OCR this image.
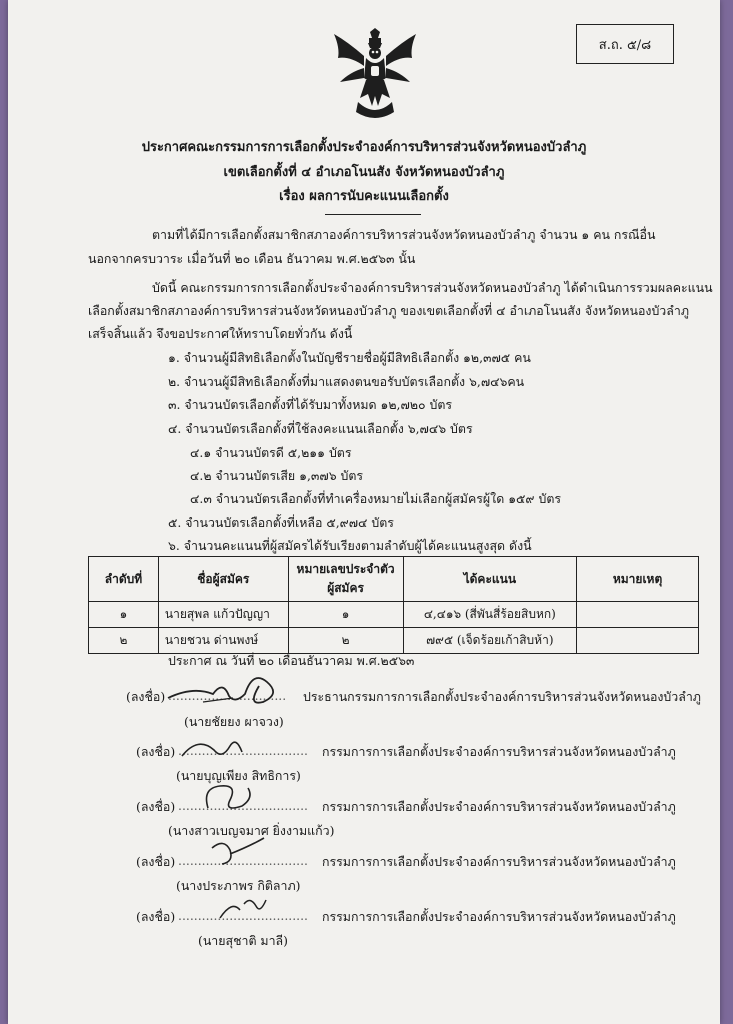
ส.ถ. ๕/๘
ประกาศคณะกรรมการการเลือกตั้งประจำองค์การบริหารส่วนจังหวัดหนองบัวลำภู
เขตเลือกตั้งที่ ๔ อำเภอโนนสัง จังหวัดหนองบัวลำภู
เรื่อง ผลการนับคะแนนเลือกตั้ง
ตามที่ได้มีการเลือกตั้งสมาชิกสภาองค์การบริหารส่วนจังหวัดหนองบัวลำภู จำนวน ๑ คน กรณีอื่น
นอกจากครบวาระ เมื่อวันที่ ๒๐ เดือน ธันวาคม พ.ศ.๒๕๖๓ นั้น
บัดนี้ คณะกรรมการการเลือกตั้งประจำองค์การบริหารส่วนจังหวัดหนองบัวลำภู ได้ดำเนินการรวมผลคะแนน
เลือกตั้งสมาชิกสภาองค์การบริหารส่วนจังหวัดหนองบัวลำภู ของเขตเลือกตั้งที่ ๔ อำเภอโนนสัง จังหวัดหนองบัวลำภู
เสร็จสิ้นแล้ว จึงขอประกาศให้ทราบโดยทั่วกัน ดังนี้
๑. จำนวนผู้มีสิทธิเลือกตั้งในบัญชีรายชื่อผู้มีสิทธิเลือกตั้ง ๑๒,๓๗๕ คน
๒. จำนวนผู้มีสิทธิเลือกตั้งที่มาแสดงตนขอรับบัตรเลือกตั้ง ๖,๗๔๖คน
๓. จำนวนบัตรเลือกตั้งที่ได้รับมาทั้งหมด ๑๒,๗๒๐ บัตร
๔. จำนวนบัตรเลือกตั้งที่ใช้ลงคะแนนเลือกตั้ง ๖,๗๔๖ บัตร
๔.๑ จำนวนบัตรดี ๕,๒๑๑ บัตร
๔.๒ จำนวนบัตรเสีย ๑,๓๗๖ บัตร
๔.๓ จำนวนบัตรเลือกตั้งที่ทำเครื่องหมายไม่เลือกผู้สมัครผู้ใด ๑๕๙ บัตร
๕. จำนวนบัตรเลือกตั้งที่เหลือ ๕,๙๗๔ บัตร
๖. จำนวนคะแนนที่ผู้สมัครได้รับเรียงตามลำดับผู้ได้คะแนนสูงสุด ดังนี้
ลำดับที่	ชื่อผู้สมัคร	หมายเลขประจำตัว ผู้สมัคร	ได้คะแนน	หมายเหตุ
๑	นายสุพล แก้วปัญญา	๑	๔,๔๑๖ (สี่พันสี่ร้อยสิบหก)	
๒	นายชวน ด่านพงษ์	๒	๗๙๕ (เจ็ดร้อยเก้าสิบห้า)	
ประกาศ ณ วันที่ ๒๐ เดือนธันวาคม พ.ศ.๒๕๖๓
(ลงชื่อ) .............................. ประธานกรรมการการเลือกตั้งประจำองค์การบริหารส่วนจังหวัดหนองบัวลำภู
(นายชัยยง ผาจวง)
(ลงชื่อ) ................................. กรรมการการเลือกตั้งประจำองค์การบริหารส่วนจังหวัดหนองบัวลำภู
(นายบุญเพียง สิทธิการ)
(ลงชื่อ) ................................. กรรมการการเลือกตั้งประจำองค์การบริหารส่วนจังหวัดหนองบัวลำภู
(นางสาวเบญจมาศ ยิ่งงามแก้ว)
(ลงชื่อ) ................................. กรรมการการเลือกตั้งประจำองค์การบริหารส่วนจังหวัดหนองบัวลำภู
(นางประภาพร กิติลาภ)
(ลงชื่อ) ................................. กรรมการการเลือกตั้งประจำองค์การบริหารส่วนจังหวัดหนองบัวลำภู
(นายสุชาติ มาลี)
